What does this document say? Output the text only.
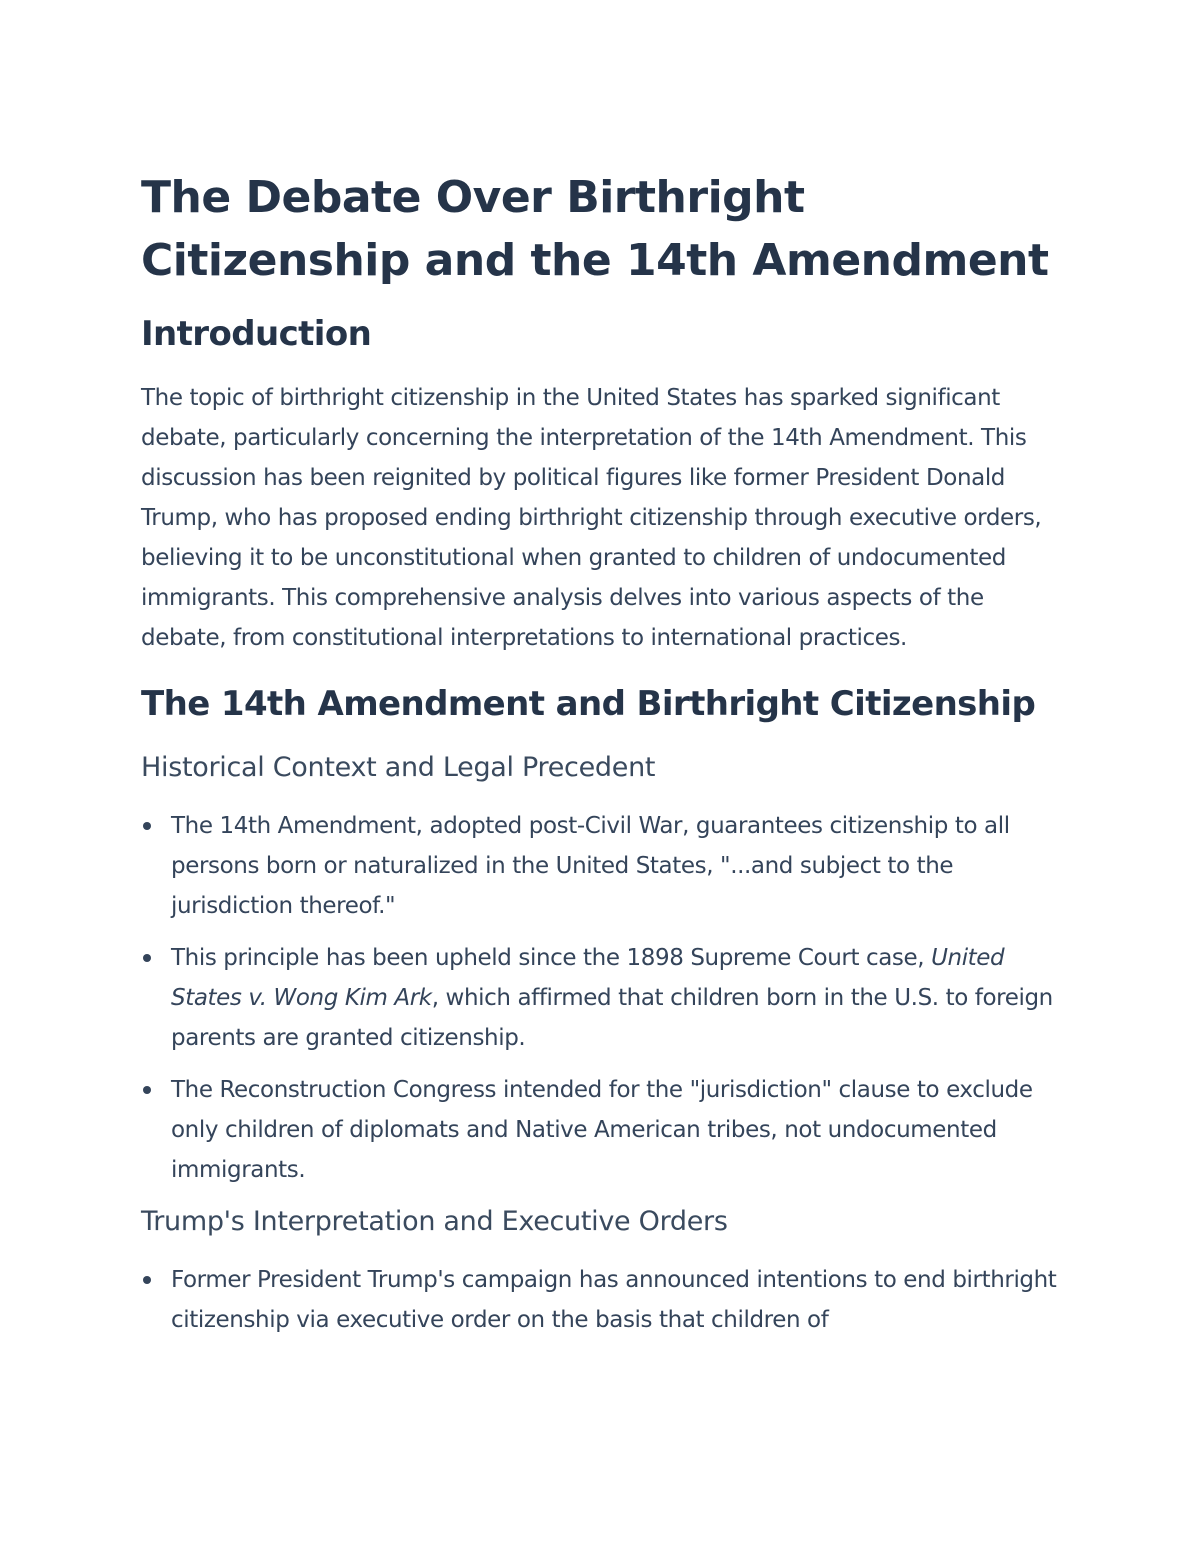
The Debate Over Birthright Citizenship and the 14th Amendment
Introduction

The topic of birthright citizenship in the United States has sparked significant debate, particularly concerning the interpretation of the 14th Amendment. This discussion has been reignited by political figures like former President Donald Trump, who has proposed ending birthright citizenship through executive orders, believing it to be unconstitutional when granted to children of undocumented immigrants. This comprehensive analysis delves into various aspects of the debate, from constitutional interpretations to international practices.

The 14th Amendment and Birthright Citizenship
Historical Context and Legal Precedent
The 14th Amendment, adopted post-Civil War, guarantees citizenship to all persons born or naturalized in the United States, "...and subject to the jurisdiction thereof."
This principle has been upheld since the 1898 Supreme Court case, United States v. Wong Kim Ark, which affirmed that children born in the U.S. to foreign parents are granted citizenship.
The Reconstruction Congress intended for the "jurisdiction" clause to exclude only children of diplomats and Native American tribes, not undocumented immigrants.
Trump's Interpretation and Executive Orders
Former President Trump's campaign has announced intentions to end birthright citizenship via executive order on the basis that children of
